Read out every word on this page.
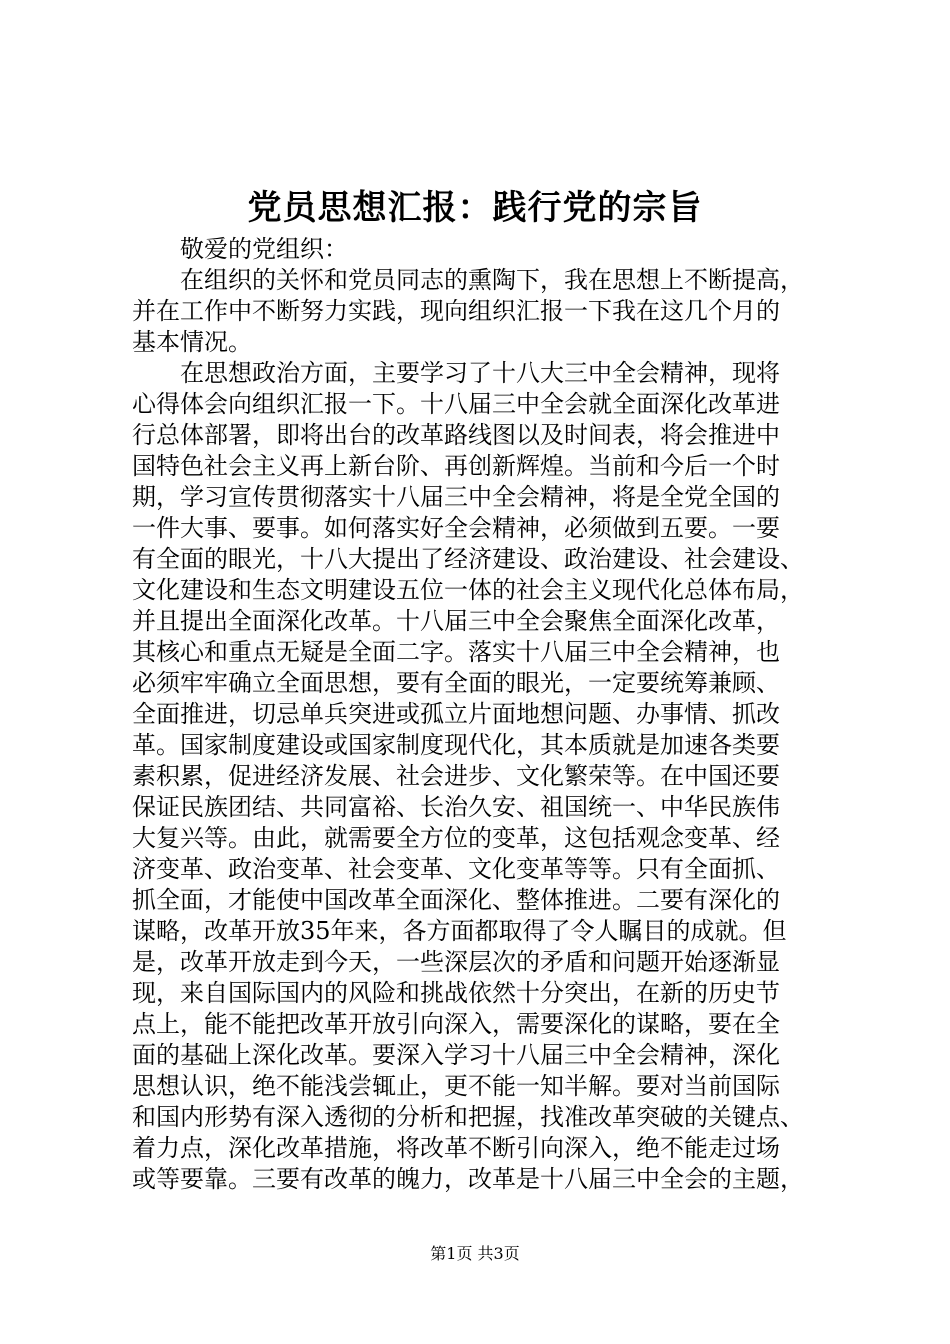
党员思想汇报：践行党的宗旨
敬爱的党组织：
在组织的关怀和党员同志的熏陶下，我在思想上不断提高，
并在工作中不断努力实践，现向组织汇报一下我在这几个月的
基本情况。
在思想政治方面，主要学习了十八大三中全会精神，现将
心得体会向组织汇报一下。十八届三中全会就全面深化改革进
行总体部署，即将出台的改革路线图以及时间表，将会推进中
国特色社会主义再上新台阶、再创新辉煌。当前和今后一个时
期，学习宣传贯彻落实十八届三中全会精神，将是全党全国的
一件大事、要事。如何落实好全会精神，必须做到五要。一要
有全面的眼光，十八大提出了经济建设、政治建设、社会建设、
文化建设和生态文明建设五位一体的社会主义现代化总体布局，
并且提出全面深化改革。十八届三中全会聚焦全面深化改革，
其核心和重点无疑是全面二字。落实十八届三中全会精神，也
必须牢牢确立全面思想，要有全面的眼光，一定要统筹兼顾、
全面推进，切忌单兵突进或孤立片面地想问题、办事情、抓改
革。国家制度建设或国家制度现代化，其本质就是加速各类要
素积累，促进经济发展、社会进步、文化繁荣等。在中国还要
保证民族团结、共同富裕、长治久安、祖国统一、中华民族伟
大复兴等。由此，就需要全方位的变革，这包括观念变革、经
济变革、政治变革、社会变革、文化变革等等。只有全面抓、
抓全面，才能使中国改革全面深化、整体推进。二要有深化的
谋略，改革开放35年来，各方面都取得了令人瞩目的成就。但
是，改革开放走到今天，一些深层次的矛盾和问题开始逐渐显
现，来自国际国内的风险和挑战依然十分突出，在新的历史节
点上，能不能把改革开放引向深入，需要深化的谋略，要在全
面的基础上深化改革。要深入学习十八届三中全会精神，深化
思想认识，绝不能浅尝辄止，更不能一知半解。要对当前国际
和国内形势有深入透彻的分析和把握，找准改革突破的关键点、
着力点，深化改革措施，将改革不断引向深入，绝不能走过场
或等要靠。三要有改革的魄力，改革是十八届三中全会的主题，
第1页 共3页
